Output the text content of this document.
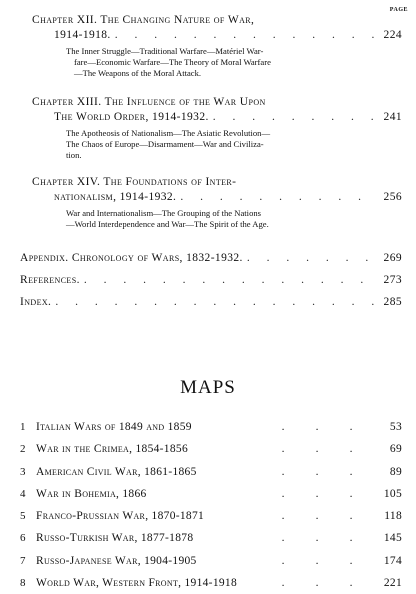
PAGE
Chapter XII. The Changing Nature of War,
1914-1918. . . .	224

The Inner Struggle—Traditional Warfare—Matériel War-

fare—Economic Warfare—The Theory of Moral Warfare

—The Weapons of the Moral Attack.

Chapter XIII. The Influence of the War Upon
The World Order, 1914-1932. . . .	241

The Apotheosis of Nationalism—The Asiatic Revolution—

The Chaos of Europe—Disarmament—War and Civiliza-

tion.

Chapter XIV. The Foundations of Inter-
nationalism, 1914-1932. . . .	256

War and Internationalism—The Grouping of the Nations

—World Interdependence and War—The Spirit of the Age.

Appendix. Chronology of Wars, 1832-1932. . . .	269
References. . . .	273
Index. . . .	285
MAPS
1 Italian Wars of 1849 and 1859	.	.	.	53
2 War in the Crimea, 1854-1856	.	.	.	69
3 American Civil War, 1861-1865	.	.	.	89
4 War in Bohemia, 1866	.	.	.	105
5 Franco-Prussian War, 1870-1871	.	.	.	118
6 Russo-Turkish War, 1877-1878	.	.	.	145
7 Russo-Japanese War, 1904-1905	.	.	.	174
8 World War, Western Front, 1914-1918	.	.	.	221
